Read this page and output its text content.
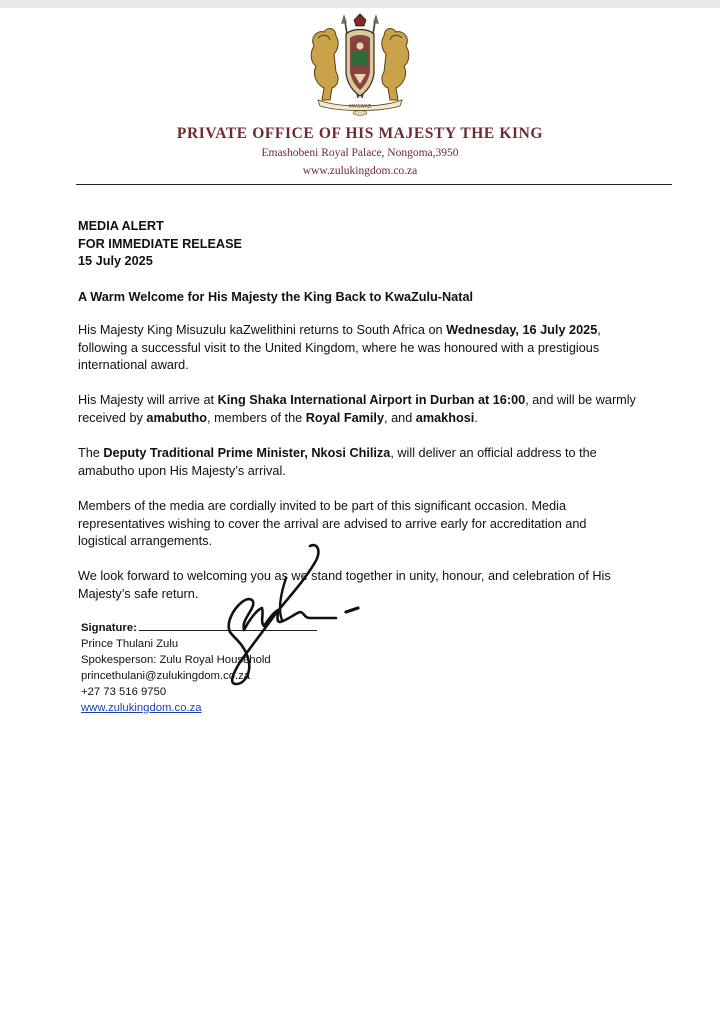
AMASWAZI
PRIVATE OFFICE OF HIS MAJESTY THE KING
Emashobeni Royal Palace, Nongoma,3950
www.zulukingdom.co.za
MEDIA ALERT
FOR IMMEDIATE RELEASE
15 July 2025
A Warm Welcome for His Majesty the King Back to KwaZulu-Natal
His Majesty King Misuzulu kaZwelithini returns to South Africa on Wednesday, 16 July 2025, following a successful visit to the United Kingdom, where he was honoured with a prestigious international award.
His Majesty will arrive at King Shaka International Airport in Durban at 16:00, and will be warmly received by amabutho, members of the Royal Family, and amakhosi.
The Deputy Traditional Prime Minister, Nkosi Chiliza, will deliver an official address to the amabutho upon His Majesty’s arrival.
Members of the media are cordially invited to be part of this significant occasion. Media representatives wishing to cover the arrival are advised to arrive early for accreditation and logistical arrangements.
We look forward to welcoming you as we stand together in unity, honour, and celebration of His Majesty’s safe return.
Signature:
Prince Thulani Zulu
Spokesperson: Zulu Royal Household
princethulani@zulukingdom.co.za
+27 73 516 9750
www.zulukingdom.co.za
